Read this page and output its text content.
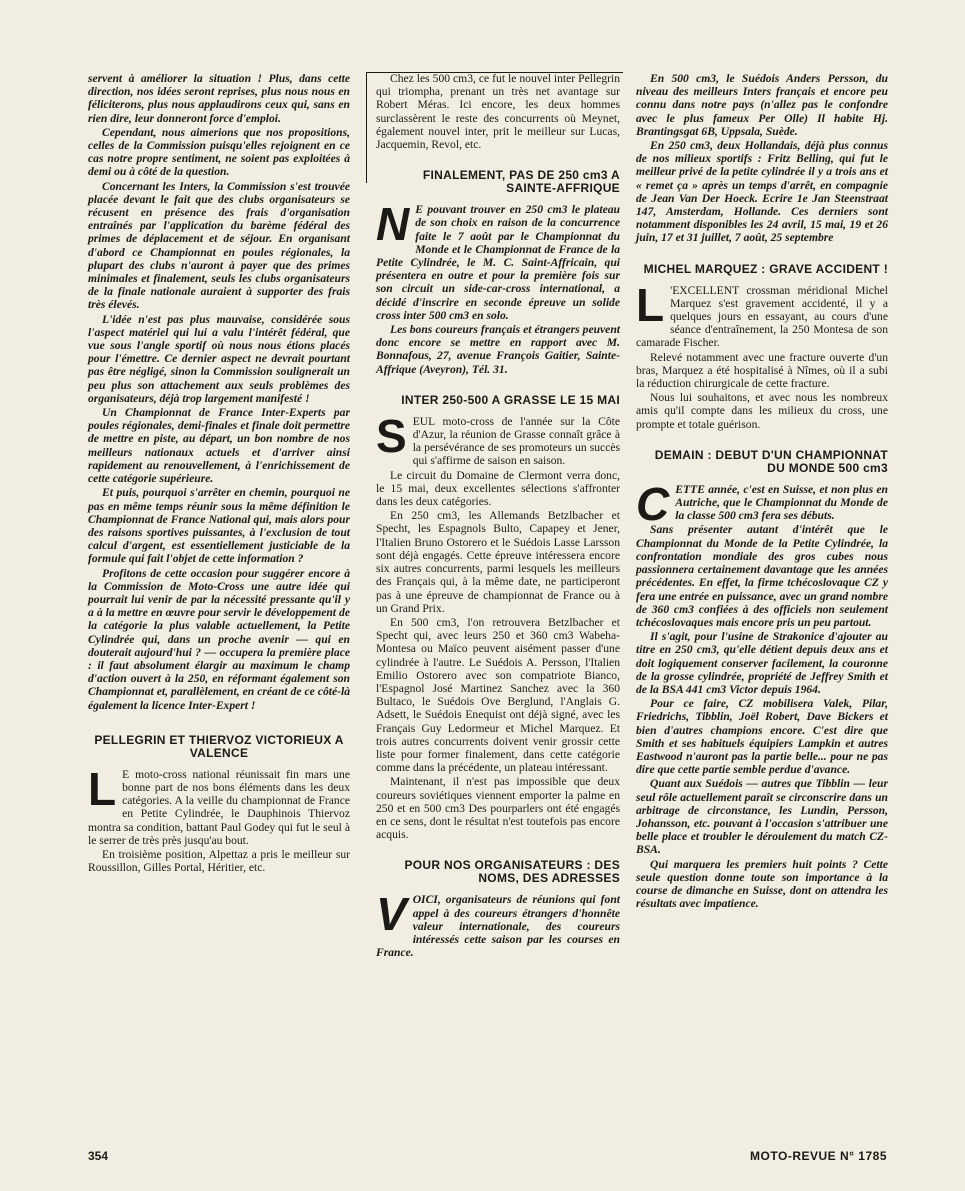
servent à améliorer la situation ! Plus, dans cette direction, nos idées seront reprises, plus nous nous en féliciterons, plus nous applaudirons ceux qui, sans en rien dire, leur donneront force d'emploi.

Cependant, nous aimerions que nos propositions, celles de la Commission puisqu'elles rejoignent en ce cas notre propre sentiment, ne soient pas exploitées à demi ou à côté de la question.

Concernant les Inters, la Commission s'est trouvée placée devant le fait que des clubs organisateurs se récusent en présence des frais d'organisation entraînés par l'application du barème fédéral des primes de déplacement et de séjour. En organisant d'abord ce Championnat en poules régionales, la plupart des clubs n'auront à payer que des primes minimales et finalement, seuls les clubs organisateurs de la finale nationale auraient à supporter des frais très élevés.

L'idée n'est pas plus mauvaise, considérée sous l'aspect matériel qui lui a valu l'intérêt fédéral, que vue sous l'angle sportif où nous nous étions placés pour l'émettre. Ce dernier aspect ne devrait pourtant pas être négligé, sinon la Commission soulignerait un peu plus son attachement aux seuls problèmes des organisateurs, déjà trop largement manifesté !

Un Championnat de France Inter-Experts par poules régionales, demi-finales et finale doit permettre de mettre en piste, au départ, un bon nombre de nos meilleurs nationaux actuels et d'arriver ainsi rapidement au renouvellement, à l'enrichissement de cette catégorie supérieure.

Et puis, pourquoi s'arrêter en chemin, pourquoi ne pas en même temps réunir sous la même définition le Championnat de France National qui, mais alors pour des raisons sportives puissantes, à l'exclusion de tout calcul d'argent, est essentiellement justiciable de la formule qui fait l'objet de cette information ?

Profitons de cette occasion pour suggérer encore à la Commission de Moto-Cross une autre idée qui pourrait lui venir de par la nécessité pressante qu'il y a à la mettre en œuvre pour servir le développement de la catégorie la plus valable actuellement, la Petite Cylindrée qui, dans un proche avenir — qui en douterait aujourd'hui ? — occupera la première place : il faut absolument élargir au maximum le champ d'action ouvert à la 250, en réformant également son Championnat et, parallèlement, en créant de ce côté-là également la licence Inter-Expert !

PELLEGRIN ET THIERVOZ VICTORIEUX A VALENCE

L E moto-cross national réunissait fin mars une bonne part de nos bons éléments dans les deux catégories. A la veille du championnat de France en Petite Cylindrée, le Dauphinois Thiervoz montra sa condition, battant Paul Godey qui fut le seul à le serrer de très près jusqu'au bout.

En troisième position, Alpettaz a pris le meilleur sur Roussillon, Gilles Portal, Héritier, etc.

Chez les 500 cm3, ce fut le nouvel inter Pellegrin qui triompha, prenant un très net avantage sur Robert Méras. Ici encore, les deux hommes surclassèrent le reste des concurrents où Meynet, également nouvel inter, prit le meilleur sur Lucas, Jacquemin, Revol, etc.

FINALEMENT, PAS DE 250 cm3 A SAINTE-AFFRIQUE

N E pouvant trouver en 250 cm3 le plateau de son choix en raison de la concurrence faite le 7 août par le Championnat du Monde et le Championnat de France de la Petite Cylindrée, le M. C. Saint-Affricain, qui présentera en outre et pour la première fois sur son circuit un side-car-cross international, a décidé d'inscrire en seconde épreuve un solide cross inter 500 cm3 en solo.

Les bons coureurs français et étrangers peuvent donc encore se mettre en rapport avec M. Bonnafous, 27, avenue François Gaitier, Sainte-Affrique (Aveyron), Tél. 31.

INTER 250-500 A GRASSE LE 15 MAI

SEUL moto-cross de l'année sur la Côte d'Azur, la réunion de Grasse connaît grâce à la persévérance de ses promoteurs un succès qui s'affirme de saison en saison.

Le circuit du Domaine de Clermont verra donc, le 15 mai, deux excellentes sélections s'affronter dans les deux catégories.

En 250 cm3, les Allemands Betzlbacher et Specht, les Espagnols Bulto, Capapey et Jener, l'Italien Bruno Ostorero et le Suédois Lasse Larsson sont déjà engagés. Cette épreuve intéressera encore six autres concurrents, parmi lesquels les meilleurs des Français qui, à la même date, ne participeront pas à une épreuve de championnat de France ou à un Grand Prix.

En 500 cm3, l'on retrouvera Betzlbacher et Specht qui, avec leurs 250 et 360 cm3 Wabeha-Montesa ou Maïco peuvent aisément passer d'une cylindrée à l'autre. Le Suédois A. Persson, l'Italien Emilio Ostorero avec son compatriote Bianco, l'Espagnol José Martinez Sanchez avec la 360 Bultaco, le Suédois Ove Berglund, l'Anglais G. Adsett, le Suédois Enequist ont déjà signé, avec les Français Guy Ledormeur et Michel Marquez. Et trois autres concurrents doivent venir grossir cette liste pour former finalement, dans cette catégorie comme dans la précédente, un plateau intéressant.

Maintenant, il n'est pas impossible que deux coureurs soviétiques viennent emporter la palme en 250 et en 500 cm3 Des pourparlers ont été engagés en ce sens, dont le résultat n'est toutefois pas encore acquis.

POUR NOS ORGANISATEURS : DES NOMS, DES ADRESSES

VOICI, organisateurs de réunions qui font appel à des coureurs étrangers d'honnête valeur internationale, des coureurs intéressés cette saison par les courses en France.

En 500 cm3, le Suédois Anders Persson, du niveau des meilleurs Inters français et encore peu connu dans notre pays (n'allez pas le confondre avec le plus fameux Per Olle) Il habite Hj. Brantingsgat 6B, Uppsala, Suède.

En 250 cm3, deux Hollandais, déjà plus connus de nos milieux sportifs : Fritz Belling, qui fut le meilleur privé de la petite cylindrée il y a trois ans et « remet ça » après un temps d'arrêt, en compagnie de Jean Van Der Hoeck. Ecrire 1e Jan Steenstraat 147, Amsterdam, Hollande. Ces derniers sont notamment disponibles les 24 avril, 15 mai, 19 et 26 juin, 17 et 31 juillet, 7 août, 25 septembre

MICHEL MARQUEZ : GRAVE ACCIDENT !

L 'EXCELLENT crossman méridional Michel Marquez s'est gravement accidenté, il y a quelques jours en essayant, au cours d'une séance d'entraînement, la 250 Montesa de son camarade Fischer.

Relevé notamment avec une fracture ouverte d'un bras, Marquez a été hospitalisé à Nîmes, où il a subi la réduction chirurgicale de cette fracture.

Nous lui souhaitons, et avec nous les nombreux amis qu'il compte dans les milieux du cross, une prompte et totale guérison.

DEMAIN : DEBUT D'UN CHAMPIONNAT DU MONDE 500 cm3

CETTE année, c'est en Suisse, et non plus en Autriche, que le Championnat du Monde de la classe 500 cm3 fera ses débuts.

Sans présenter autant d'intérêt que le Championnat du Monde de la Petite Cylindrée, la confrontation mondiale des gros cubes nous passionnera certainement davantage que les années précédentes. En effet, la firme tchécoslovaque CZ y fera une entrée en puissance, avec un grand nombre de 360 cm3 confiées à des officiels non seulement tchécoslovaques mais encore pris un peu partout.

Il s'agit, pour l'usine de Strakonice d'ajouter au titre en 250 cm3, qu'elle détient depuis deux ans et doit logiquement conserver facilement, la couronne de la grosse cylindrée, propriété de Jeffrey Smith et de la BSA 441 cm3 Victor depuis 1964.

Pour ce faire, CZ mobilisera Valek, Pilar, Friedrichs, Tibblin, Joël Robert, Dave Bickers et bien d'autres champions encore. C'est dire que Smith et ses habituels équipiers Lampkin et autres Eastwood n'auront pas la partie belle... pour ne pas dire que cette partie semble perdue d'avance.

Quant aux Suédois — autres que Tibblin — leur seul rôle actuellement paraît se circonscrire dans un arbitrage de circonstance, les Lundin, Persson, Johansson, etc. pouvant à l'occasion s'attribuer une belle place et troubler le déroulement du match CZ-BSA.

Qui marquera les premiers huit points ? Cette seule question donne toute son importance à la course de dimanche en Suisse, dont on attendra les résultats avec impatience.

354	MOTO-REVUE N° 1785
